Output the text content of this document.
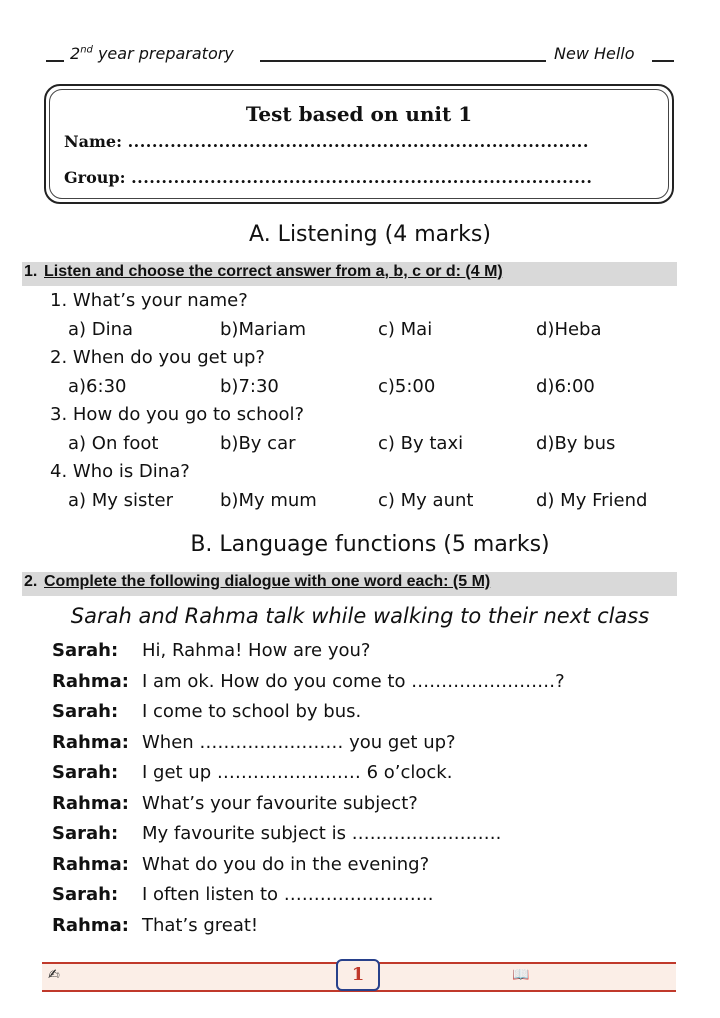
2nd year preparatory	New Hello
Test based on unit 1
Name: ............................................................................
Group: ............................................................................
A. Listening (4 marks)
1. Listen and choose the correct answer from a, b, c or d: (4 M)
1. What’s your name?
a) Dina	b)Mariam	c) Mai	d)Heba
2. When do you get up?
a)6:30	b)7:30	c)5:00	d)6:00
3. How do you go to school?
a) On foot	b)By car	c) By taxi	d)By bus
4. Who is Dina?
a) My sister	b)My mum	c) My aunt	d) My Friend
B. Language functions (5 marks)
2. Complete the following dialogue with one word each: (5 M)
Sarah and Rahma talk while walking to their next class
Sarah:	Hi, Rahma! How are you?
Rahma: I am ok. How do you come to ……………………?
Sarah:	I come to school by bus.
Rahma: When …………………… you get up?
Sarah:	I get up …………………… 6 o’clock.
Rahma: What’s your favourite subject?
Sarah:	My favourite subject is …………………….
Rahma: What do you do in the evening?
Sarah:	I often listen to …………………….
Rahma: That’s great!
✍	1	📖
